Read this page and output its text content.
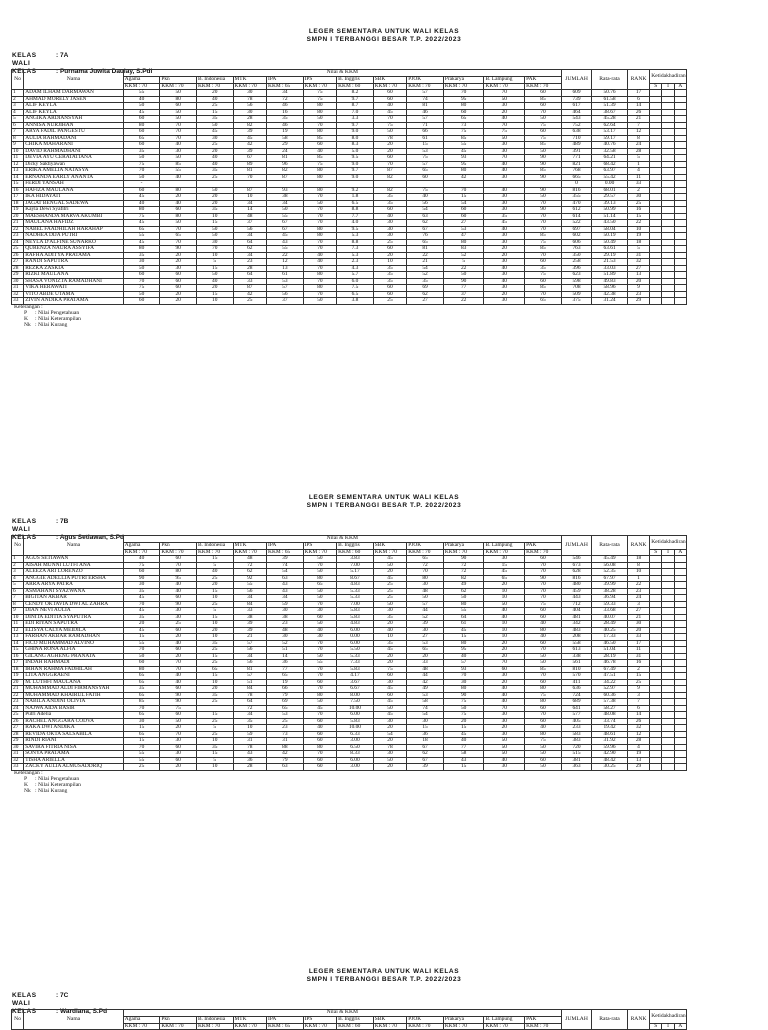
LEGER SEMENTARA UNTUK WALI KELAS
SMPN I TERBANGGI BESAR T.P. 2022/2023
KELAS	: 7A
WALI KELAS	: Purnama Juwita Daulay, S.Pdi
No	Nama	Nilai & KKM												JUMLAH	Rata-rata	RANK	Ketidakhadiran		
		Agama	Pkn	B. Indonesia	MTK	IPA	IPS	B. Inggris	SBK	PJOK	Prakarya	B. Lampung	PAK						
		KKM : 70	KKM : 70	KKM : 70	KKM : 70	KKM : 65	KKM : 70	KKM : 60	KKM : 70	KKM : 70	KKM : 70	KKM : 70	KKM : 70				S	I	A
1	ADAM ILHAM DARMAWAN	55	50	20	30	34	75	8.2	60	57	70	70	60	609	50.76	17			
2	AHMAD MORELY JASEN	40	80	40	78	72	75	9.7	60	74	95	50	85	739	61.58	6			
3	ALIF KEYLA	50	60	25	56	46	80	8.7	40	81	80	30	60	617	51.39	14			
4	ALIF KEYLA	45	50	15	30	16	80	7.0	45	46	60	20	70	464	38.67	26			
5	ANGIKA ARDIANSYAH	60	50	35	28	35	50	3.3	70	57	65	40	50	543	45.28	21			
6	ANNISA NURJIHAN	80	70	50	82	46	70	9.7	75	71	73	70	75	752	62.64	7			
7	ARYA FADIL PANGESTU	60	70	45	39	19	80	9.0	50	66	75	75	60	638	53.17	12			
8	AULIA RAHMADANI	65	70	30	45	58	85	8.0	78	61	85	50	75	710	59.17	8			
9	CHIKA MAHARANI	60	40	25	42	29	60	8.3	20	15	55	30	85	489	40.76	24			
10	DAVID RAHMADHANI	35	30	20	39	24	40	5.0	20	53	45	30	50	391	32.58	28			
11	DEVIA AYU CERATATIANA	50	50	40	67	81	85	9.5	60	75	93	70	90	771	64.21	5			
12	Dicky Saktiyawan	75	85	40	89	96	75	9.0	70	57	95	40	90	821	68.42	1			
13	ERIKA AMELIA NATASYA	70	55	35	81	82	80	9.7	87	65	80	40	85	768	63.97	4			
14	ERNANDA EARLY ANANTA	50	40	25	70	87	80	9.0	82	60	42	30	90	665	55.42	11			
15	FERDI YANSAH	-												0	0.00	33			
16	HAFIZA MAULANA	60	80	50	87	93	80	9.2	82	75	70	40	90	816	68.01	2			
17	IKA HIDAYATI	45	20	20	10	38	70	1.8	35	40	15	30	50	355	29.57	30			
18	JAGAT BENGAL SADEWA	40	40	20	34	34	50	6.5	35	56	54	30	70	470	39.13	25			
19	Kayla Dewi Syafitri	80	60	35	14	50	70	8.8	60	54	60	30	90	612	50.99	16			
20	MAESHANDA MARVA AKUMBI	75	80	10	48	55	70	7.7	40	63	60	35	70	614	51.14	15			
21	MAULANA HAFIDZ	45	50	15	37	67	70	4.0	30	62	27	45	70	522	43.50	22			
22	NABEL FAADHILAH HARAHAP	65	70	50	56	67	80	9.5	30	67	53	40	70	697	58.04	10			
23	NADHEA DIJA PUTRI	55	65	50	34	45	80	5.3	30	76	47	30	85	602	50.19	19			
24	NEYLA D'ALFINE SUNARKO	45	70	30	64	43	70	8.8	25	65	80	30	75	606	50.49	18			
25	QURENZA NAURA ASSYIFA	80	90	70	62	55	70	7.3	60	81	83	20	85	763	63.61	5			
26	RAFHA ADITYA PRATAMA	35	20	10	34	22	40	5.3	20	22	52	20	70	350	29.19	31			
27	RANDI SAPUTRA	30	20	5	23	12	40	2.3	10	21	5	30	60	258	21.53	32			
28	REZKA ZASKIA	50	30	15	28	13	70	4.3	35	54	22	40	35	396	33.03	27			
29	RIZKI MAULANA	60	60	50	64	61	80	5.7	35	52	50	30	75	623	51.89	13			
30	SHASA VONIZTA RAMADHANI	70	60	40	33	53	70	6.0	35	35	90	40	60	598	49.83	20			
31	VIKA HERAWATI	75	60	20	87	57	80	7.5	60	69	77	30	85	708	58.96	9			
32	VITO ABDE UTAMA	50	20	15	42	56	70	6.5	60	62	37	20	70	509	42.38	23			
33	ZIVIN ANDIKA PRATAMA	60	20	10	25	37	50	3.8	25	27	22	30	65	375	31.24	29			
Keterangan :
P : Nilai Pengetahuan
K : Nilai Keterampilan
Nk : Nilai Kurang
LEGER SEMENTARA UNTUK WALI KELAS
SMPN I TERBANGGI BESAR T.P. 2022/2023
KELAS	: 7B
WALI KELAS	: Agus Setiawan, S.Pd
No	Nama	Nilai & KKM												JUMLAH	Rata-rata	RANK	Ketidakhadiran		
		Agama	Pkn	B. Indonesia	MTK	IPA	IPS	B. Inggris	SBK	PJOK	Prakarya	B. Lampung	PAK						
		KKM : 70	KKM : 70	KKM : 70	KKM : 70	KKM : 65	KKM : 70	KKM : 60	KKM : 70	KKM : 70	KKM : 70	KKM : 70	KKM : 70				S	I	A
1	AGUS SETIAWAN	40	60	15	48	39	50	3.83	45	65	90	30	60	546	45.49	18			
2	AISAH MUNNI LUTFI ANA	75	70	5	72	74	70	7.00	50	72	72	15	70	673	56.08	8			
3	ALEEZA ARI LORENZO	60	80	40	62	54	50	5.17	20	70	72	45	70	628	52.35	10			
4	ANGGIE ADELLIA PUTRI ERSHA	90	95	25	92	63	80	8.67	45	80	82	65	90	816	67.97	1			
5	ARRA ARYA PATRA	30	40	20	55	43	65	4.83	25	30	49	20	70	480	39.99	22			
6	ASMAHANI SYAZWANA	35	40	15	56	43	50	5.33	25	48	62	10	70	459	38.28	23			
7	BIGITAN AKBAR	45	60	10	34	34	50	5.33	25	50	50	10	70	443	36.94	24			
8	CENDY OKTAVIA DWI AL ZAHRA	70	90	25	84	59	70	7.00	50	57	80	50	75	712	59.33	3			
9	DIAN NEVI AULIA	45	30	5	33	30	30	5.83	30	44	55	40	60	404	33.68	27			
10	DINITA EDITIA SYAPUTRA	35	30	15	38	38	60	5.83	35	52	64	40	60	481	40.07	21			
11	EDI RIYAN SAPUTRA	20	25	10	39	23	50	4.83	20	39	61	10	40	342	28.49	30			
12	ELISYA CALYA MEIDILA	45	60	20	39	48	40	6.00	40	30	45	10	80	483	40.25	20			
13	FARHAN AKBAR RAMADHAN	15	20	10	21	30	30	0.00	10	27	15	10	40	208	17.33	33			
14	FICO MUHAMMAD ALVINO	55	40	35	57	52	70	6.00	35	53	80	20	60	558	46.50	17			
15	GHINA RONA ALFIA	70	60	25	56	51	70	5.50	45	65	95	20	70	613	51.04	11			
16	GILANG AGHENG PRANATA	50	20	15	34	14	50	5.33	20	20	40	20	50	338	28.19	31			
17	INDAH RAHMADI	60	70	25	56	36	55	7.33	20	33	57	70	50	561	46.78	16			
18	IRHAN RAHMA FADHILAH	80	70	65	81	77	70	5.83	75	48	93	60	85	810	67.49	2			
19	LITA ANGGRAENI	65	40	15	57	65	70	4.17	60	44	70	30	70	570	47.51	15			
20	M. LUTHFI MAULANA	65	40	10	51	19	60	3.67	30	42	30	20	60	411	34.22	25			
21	MUHAMMAD ALDI FIRMANSYAH	35	60	20	84	66	70	6.67	45	49	80	40	80	636	52.97	9			
22	MUHAMMAD KHAIRUL FATIH	65	90	35	78	79	80	8.00	60	53	90	40	75	724	60.36	3			
23	NABILA ANDINI OLIVIA	85	90	25	64	69	50	7.50	45	58	75	40	80	689	57.38	7			
24	NAJWA AIDA BASIR	70	75		72	65	45	10.00	50	74	50	70	60	641	58.27	6			
25	Putri Adelia	65	60	15	34	53	70	6.00	45	54	75	30	70	577	48.08	14			
26	RACHEL ANGGARA CODVA	30	50	25	35	25	60	5.83	30	30	20	30	60	405	33.74	26			
27	RAKA DWI ANDIKA	15	20	5	10	23	40	10.00	20	15	15	20	40	233	19.42	32			
28	REVIDA OKTA SALSABILA	65	70	25	59	73	60	6.33	54	36	45	30	80	583	48.61	12			
29	RINDI RIANI	15	30	10	31	31	60	3.00	20	18	40	50	75	383	31.92	28			
30	SAVIRA FITRIA NISA	70	60	35	78	88	80	6.50	78	67	77	50	50	720	59.96	4			
31	SONYA PRATAMA	55	30	15	43	42	70	8.33	30	62	58	50	50	515	42.90	19			
32	TISHA ARIELLA	55	60	5	36	79	60	6.00	50	67	43	40	60	381	48.42	13			
33	ZACKY AULIA ALMUSADDRIQ	25	20	10	28	63	60	3.00	20	39	15	30	50	363	30.25	29			
Keterangan :
P : Nilai Pengetahuan
K : Nilai Keterampilan
Nk : Nilai Kurang
LEGER SEMENTARA UNTUK WALI KELAS
SMPN I TERBANGGI BESAR T.P. 2022/2023
KELAS	: 7C
WALI KELAS	: Wardiana, S.Pd
No	Nama	Nilai & KKM												JUMLAH	Rata-rata	RANK	Ketidakhadiran		
		Agama	Pkn	B. Indonesia	MTK	IPA	IPS	B. Inggris	SBK	PJOK	Prakarya	B. Lampung	PAK						
		KKM : 70	KKM : 70	KKM : 70	KKM : 70	KKM : 65	KKM : 70	KKM : 60	KKM : 70	KKM : 70	KKM : 70	KKM : 70	KKM : 70				S	I	A
